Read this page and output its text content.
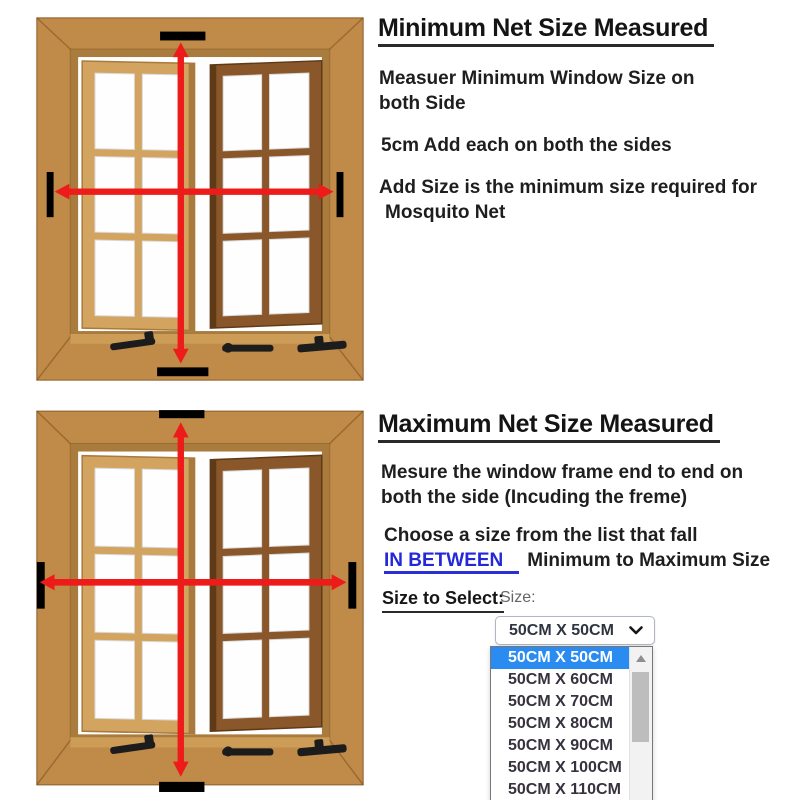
Minimum Net Size Measured

Measuer Minimum Window Size on
both Side

5cm Add each on both the sides

Add Size is the minimum size required for
Mosquito Net

Maximum Net Size Measured

Mesure the window frame end to end on
both the side (Incuding the freme)

Choose a size from the list that fall
IN BETWEEN Minimum to Maximum Size

Size to Select:

Size:

50CM X 50CM
50CM X 50CM
50CM X 60CM
50CM X 70CM
50CM X 80CM
50CM X 90CM
50CM X 100CM
50CM X 110CM
